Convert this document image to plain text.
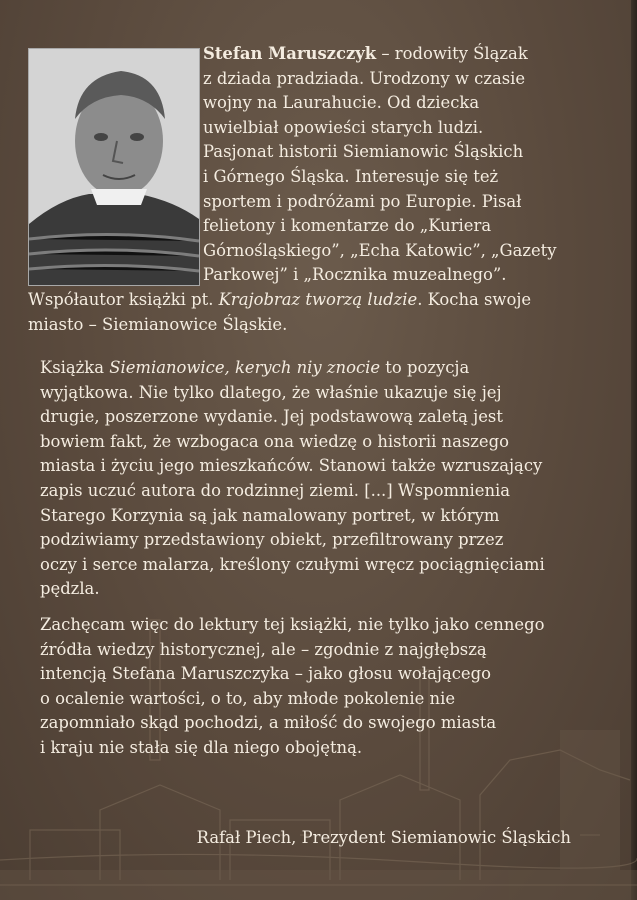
Stefan Maruszczyk – rodowity Ślązak
z dziada pradziada. Urodzony w czasie
wojny na Laurahucie. Od dziecka
uwielbiał opowieści starych ludzi.
Pasjonat historii Siemianowic Śląskich
i Górnego Śląska. Interesuje się też
sportem i podróżami po Europie. Pisał
felietony i komentarze do „Kuriera
Górnośląskiego”, „Echa Katowic”, „Gazety
Parkowej” i „Rocznika muzealnego”.
Współautor książki pt. Krajobraz tworzą ludzie. Kocha swoje
miasto – Siemianowice Śląskie.

Książka Siemianowice, kerych niy znocie to pozycja
wyjątkowa. Nie tylko dlatego, że właśnie ukazuje się jej
drugie, poszerzone wydanie. Jej podstawową zaletą jest
bowiem fakt, że wzbogaca ona wiedzę o historii naszego
miasta i życiu jego mieszkańców. Stanowi także wzruszający
zapis uczuć autora do rodzinnej ziemi. [...] Wspomnienia
Starego Korzynia są jak namalowany portret, w którym
podziwiamy przedstawiony obiekt, przefiltrowany przez
oczy i serce malarza, kreślony czułymi wręcz pociągnięciami
pędzla.

Zachęcam więc do lektury tej książki, nie tylko jako cennego
źródła wiedzy historycznej, ale – zgodnie z najgłębszą
intencją Stefana Maruszczyka – jako głosu wołającego
o ocalenie wartości, o to, aby młode pokolenie nie
zapomniało skąd pochodzi, a miłość do swojego miasta
i kraju nie stała się dla niego obojętną.

Rafał Piech, Prezydent Siemianowic Śląskich
